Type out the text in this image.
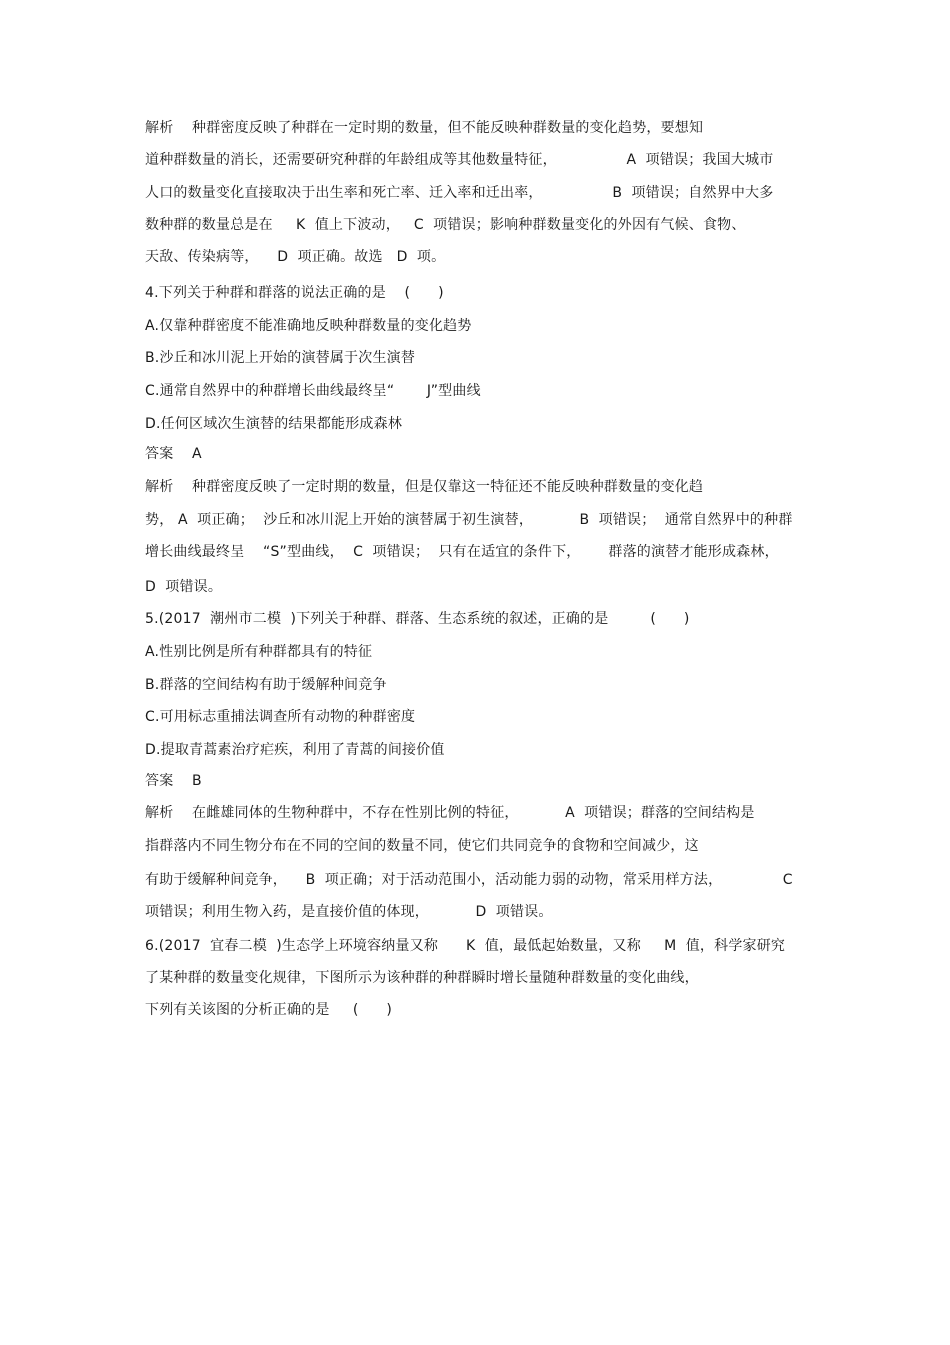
解析    种群密度反映了种群在一定时期的数量，但不能反映种群数量的变化趋势，要想知
道种群数量的消长，还需要研究种群的年龄组成等其他数量特征，               A  项错误；我国大城市
人口的数量变化直接取决于出生率和死亡率、迁入率和迁出率，               B  项错误；自然界中大多
数种群的数量总是在     K  值上下波动，   C  项错误；影响种群数量变化的外因有气候、食物、
天敌、传染病等，    D  项正确。故选   D  项。
4.下列关于种群和群落的说法正确的是    (      )
A.仅靠种群密度不能准确地反映种群数量的变化趋势
B.沙丘和冰川泥上开始的演替属于次生演替
C.通常自然界中的种群增长曲线最终呈“       J”型曲线
D.任何区域次生演替的结果都能形成森林
答案    A
解析    种群密度反映了一定时期的数量，但是仅靠这一特征还不能反映种群数量的变化趋
势， A  项正确；  沙丘和冰川泥上开始的演替属于初生演替，          B  项错误；  通常自然界中的种群
增长曲线最终呈    “S”型曲线，  C  项错误；  只有在适宜的条件下，      群落的演替才能形成森林，
D  项错误。
5.(2017  潮州市二模  )下列关于种群、群落、生态系统的叙述，正确的是         (      )
A.性别比例是所有种群都具有的特征
B.群落的空间结构有助于缓解种间竞争
C.可用标志重捕法调查所有动物的种群密度
D.提取青蒿素治疗疟疾，利用了青蒿的间接价值
答案    B
解析    在雌雄同体的生物种群中，不存在性别比例的特征，          A  项错误；群落的空间结构是
指群落内不同生物分布在不同的空间的数量不同，使它们共同竞争的食物和空间减少，这
有助于缓解种间竞争，    B  项正确；对于活动范围小，活动能力弱的动物，常采用样方法，             C
项错误；利用生物入药，是直接价值的体现，          D  项错误。
6.(2017  宜春二模  )生态学上环境容纳量又称      K  值，最低起始数量，又称     M  值，科学家研究
了某种群的数量变化规律，下图所示为该种群的种群瞬时增长量随种群数量的变化曲线，
下列有关该图的分析正确的是     (      )
